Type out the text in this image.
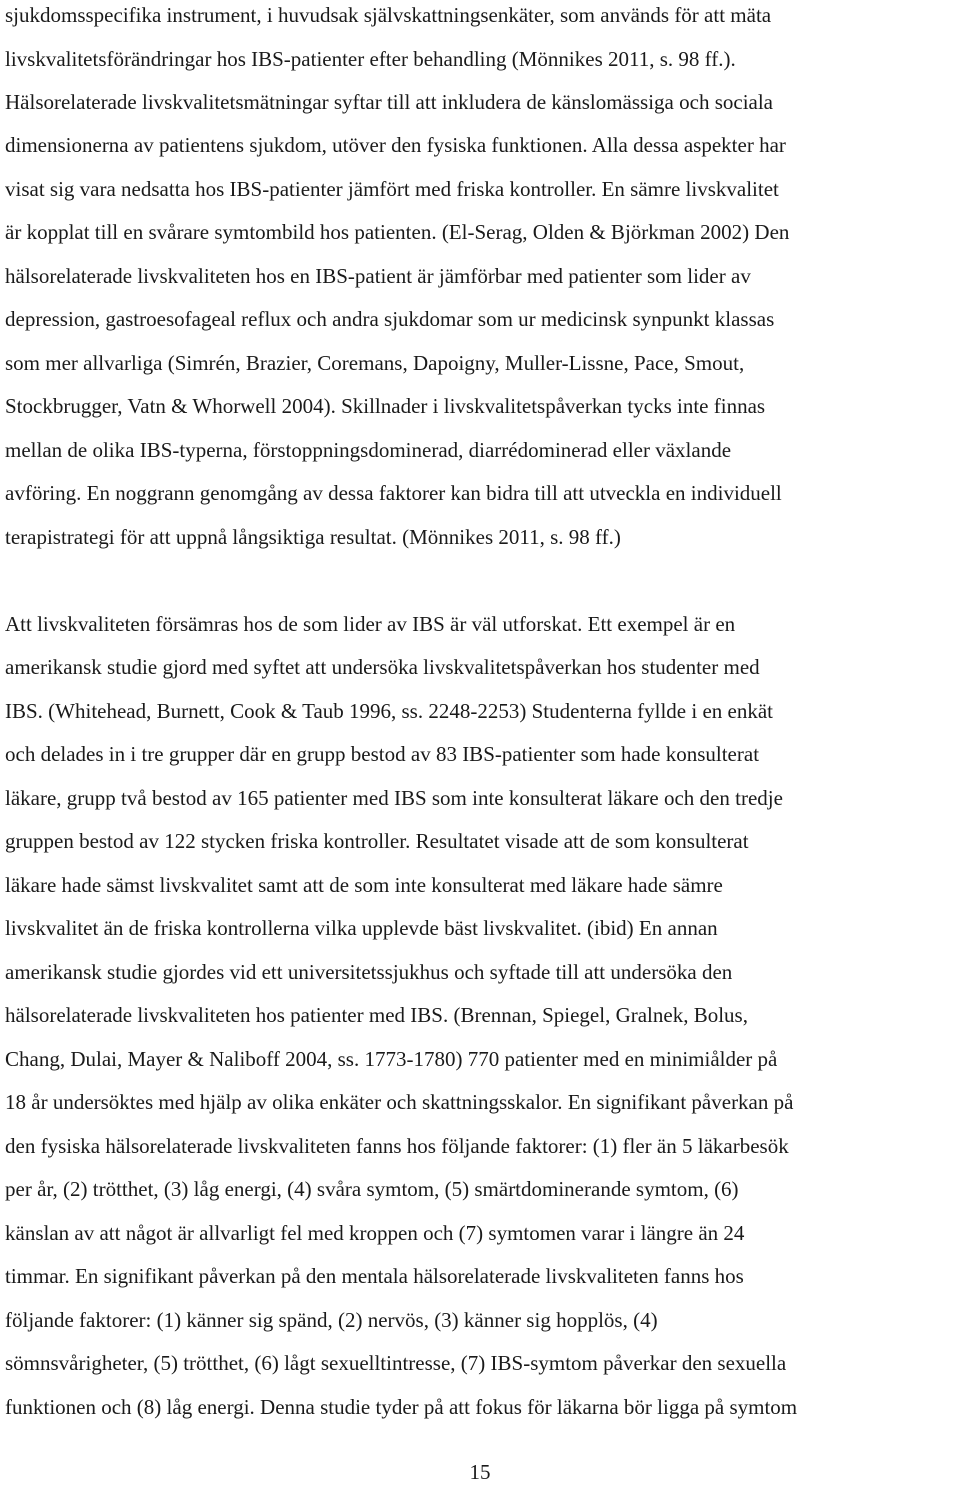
sjukdomsspecifika instrument, i huvudsak självskattningsenkäter, som används för att mäta
livskvalitetsförändringar hos IBS-patienter efter behandling (Mönnikes 2011, s. 98 ff.).
Hälsorelaterade livskvalitetsmätningar syftar till att inkludera de känslomässiga och sociala
dimensionerna av patientens sjukdom, utöver den fysiska funktionen. Alla dessa aspekter har
visat sig vara nedsatta hos IBS-patienter jämfört med friska kontroller. En sämre livskvalitet
är kopplat till en svårare symtombild hos patienten. (El-Serag, Olden & Björkman 2002) Den
hälsorelaterade livskvaliteten hos en IBS-patient är jämförbar med patienter som lider av
depression, gastroesofageal reflux och andra sjukdomar som ur medicinsk synpunkt klassas
som mer allvarliga (Simrén, Brazier, Coremans, Dapoigny, Muller-Lissne, Pace, Smout,
Stockbrugger, Vatn & Whorwell 2004). Skillnader i livskvalitetspåverkan tycks inte finnas
mellan de olika IBS-typerna, förstoppningsdominerad, diarrédominerad eller växlande
avföring. En noggrann genomgång av dessa faktorer kan bidra till att utveckla en individuell
terapistrategi för att uppnå långsiktiga resultat. (Mönnikes 2011, s. 98 ff.)
Att livskvaliteten försämras hos de som lider av IBS är väl utforskat. Ett exempel är en
amerikansk studie gjord med syftet att undersöka livskvalitetspåverkan hos studenter med
IBS. (Whitehead, Burnett, Cook & Taub 1996, ss. 2248-2253) Studenterna fyllde i en enkät
och delades in i tre grupper där en grupp bestod av 83 IBS-patienter som hade konsulterat
läkare, grupp två bestod av 165 patienter med IBS som inte konsulterat läkare och den tredje
gruppen bestod av 122 stycken friska kontroller. Resultatet visade att de som konsulterat
läkare hade sämst livskvalitet samt att de som inte konsulterat med läkare hade sämre
livskvalitet än de friska kontrollerna vilka upplevde bäst livskvalitet. (ibid) En annan
amerikansk studie gjordes vid ett universitetssjukhus och syftade till att undersöka den
hälsorelaterade livskvaliteten hos patienter med IBS. (Brennan, Spiegel, Gralnek, Bolus,
Chang, Dulai, Mayer & Naliboff 2004, ss. 1773-1780) 770 patienter med en minimiålder på
18 år undersöktes med hjälp av olika enkäter och skattningsskalor. En signifikant påverkan på
den fysiska hälsorelaterade livskvaliteten fanns hos följande faktorer: (1) fler än 5 läkarbesök
per år, (2) trötthet, (3) låg energi, (4) svåra symtom, (5) smärtdominerande symtom, (6)
känslan av att något är allvarligt fel med kroppen och (7) symtomen varar i längre än 24
timmar. En signifikant påverkan på den mentala hälsorelaterade livskvaliteten fanns hos
följande faktorer: (1) känner sig spänd, (2) nervös, (3) känner sig hopplös, (4)
sömnsvårigheter, (5) trötthet, (6) lågt sexuelltintresse, (7) IBS-symtom påverkar den sexuella
funktionen och (8) låg energi. Denna studie tyder på att fokus för läkarna bör ligga på symtom
15
